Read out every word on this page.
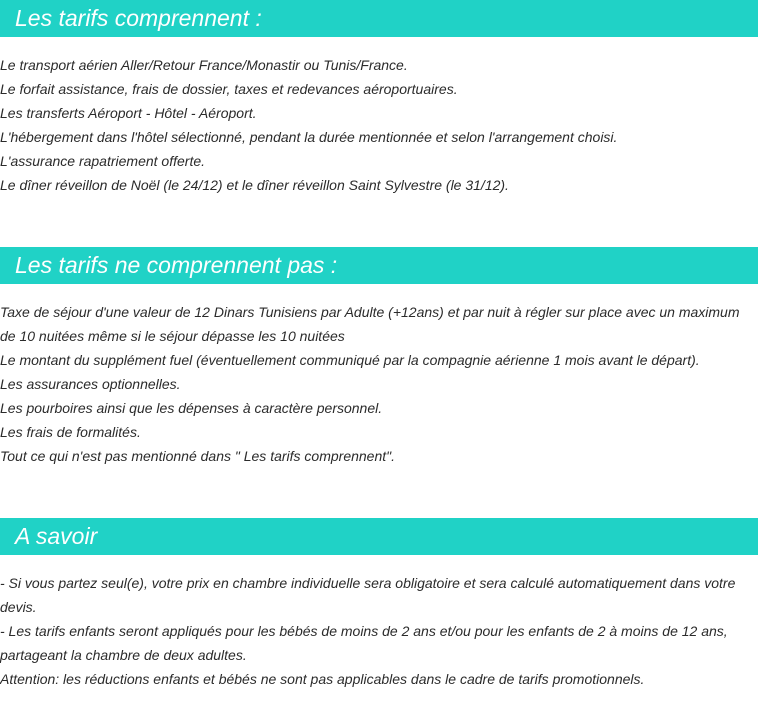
Les tarifs comprennent :
Le transport aérien Aller/Retour France/Monastir ou Tunis/France.
Le forfait assistance, frais de dossier, taxes et redevances aéroportuaires.
Les transferts Aéroport - Hôtel - Aéroport.
L'hébergement dans l'hôtel sélectionné, pendant la durée mentionnée et selon l'arrangement choisi.
L'assurance rapatriement offerte.
Le dîner réveillon de Noël (le 24/12) et le dîner réveillon Saint Sylvestre (le 31/12).
Les tarifs ne comprennent pas :
Taxe de séjour d'une valeur de 12 Dinars Tunisiens par Adulte (+12ans) et par nuit à régler sur place avec un maximum de 10 nuitées même si le séjour dépasse les 10 nuitées
Le montant du supplément fuel (éventuellement communiqué par la compagnie aérienne 1 mois avant le départ).
Les assurances optionnelles.
Les pourboires ainsi que les dépenses à caractère personnel.
Les frais de formalités.
Tout ce qui n'est pas mentionné dans " Les tarifs comprennent".
A savoir
- Si vous partez seul(e), votre prix en chambre individuelle sera obligatoire et sera calculé automatiquement dans votre devis.
- Les tarifs enfants seront appliqués pour les bébés de moins de 2 ans et/ou pour les enfants de 2 à moins de 12 ans, partageant la chambre de deux adultes.
Attention: les réductions enfants et bébés ne sont pas applicables dans le cadre de tarifs promotionnels.
